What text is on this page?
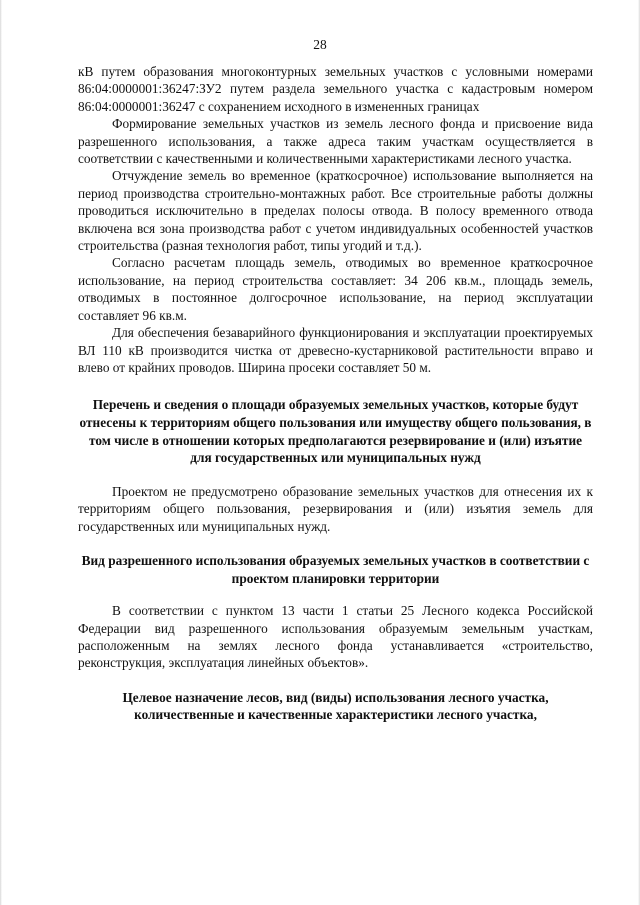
28

кВ путем образования многоконтурных земельных участков с условными номерами 86:04:0000001:36247:ЗУ2 путем раздела земельного участка с кадастровым номером 86:04:0000001:36247 с сохранением исходного в измененных границах

Формирование земельных участков из земель лесного фонда и присвоение вида разрешенного использования, а также адреса таким участкам осуществляется в соответствии с качественными и количественными характеристиками лесного участка.

Отчуждение земель во временное (краткосрочное) использование выполняется на период производства строительно-монтажных работ. Все строительные работы должны проводиться исключительно в пределах полосы отвода. В полосу временного отвода включена вся зона производства работ с учетом индивидуальных особенностей участков строительства (разная технология работ, типы угодий и т.д.).

Согласно расчетам площадь земель, отводимых во временное краткосрочное использование, на период строительства составляет: 34 206 кв.м., площадь земель, отводимых в постоянное долгосрочное использование, на период эксплуатации составляет 96 кв.м.

Для обеспечения безаварийного функционирования и эксплуатации проектируемых ВЛ 110 кВ производится чистка от древесно-кустарниковой растительности вправо и влево от крайних проводов. Ширина просеки составляет 50 м.

Перечень и сведения о площади образуемых земельных участков, которые будут отнесены к территориям общего пользования или имуществу общего пользования, в том числе в отношении которых предполагаются резервирование и (или) изъятие для государственных или муниципальных нужд

Проектом не предусмотрено образование земельных участков для отнесения их к территориям общего пользования, резервирования и (или) изъятия земель для государственных или муниципальных нужд.

Вид разрешенного использования образуемых земельных участков в соответствии с проектом планировки территории

В соответствии с пунктом 13 части 1 статьи 25 Лесного кодекса Российской Федерации вид разрешенного использования образуемым земельным участкам, расположенным на землях лесного фонда устанавливается «строительство, реконструкция, эксплуатация линейных объектов».

Целевое назначение лесов, вид (виды) использования лесного участка, количественные и качественные характеристики лесного участка,
